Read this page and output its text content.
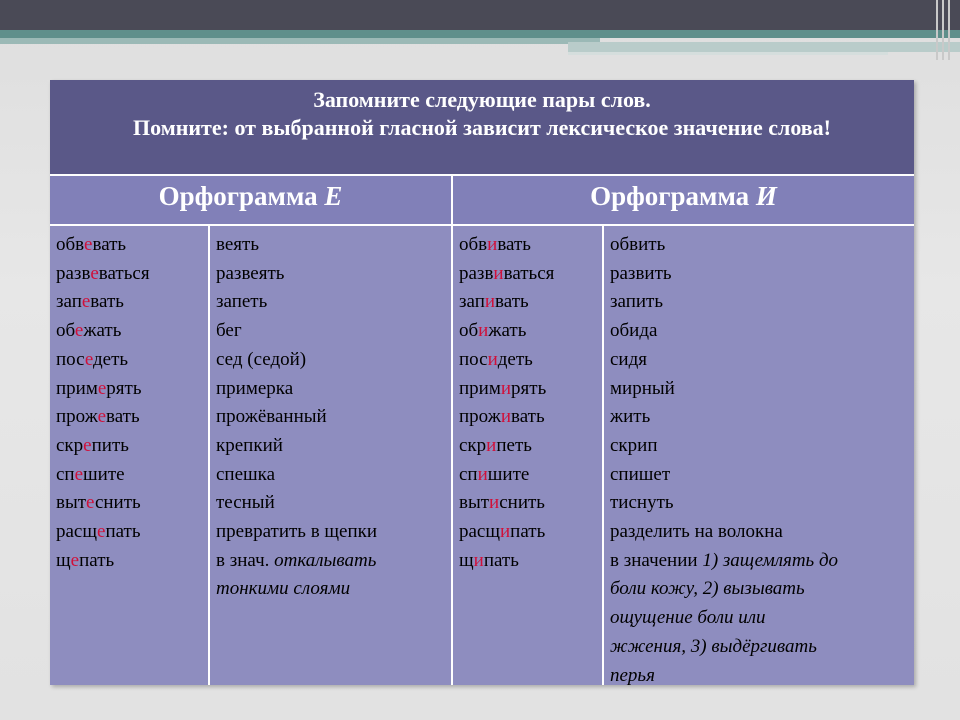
Запомните следующие пары слов.
Помните: от выбранной гласной зависит лексическое значение слова!
Орфограмма Е	Орфограмма И
обвевать
развеваться
запевать
обежать
поседеть
примерять
прожевать
скрепить
спешите
вытеснить
расщепать
щепать
веять
развеять
запеть
бег
сед (седой)
примерка
прожёванный
крепкий
спешка
тесный
превратить в щепки
в знач. откалывать
тонкими слоями
обвивать
развиваться
запивать
обижать
посидеть
примирять
проживать
скрипеть
спишите
вытиснить
расщипать
щипать
обвить
развить
запить
обида
сидя
мирный
жить
скрип
спишет
тиснуть
разделить на волокна
в значении 1) защемлять до
боли кожу, 2) вызывать
ощущение боли или
жжения, 3) выдёргивать
перья
